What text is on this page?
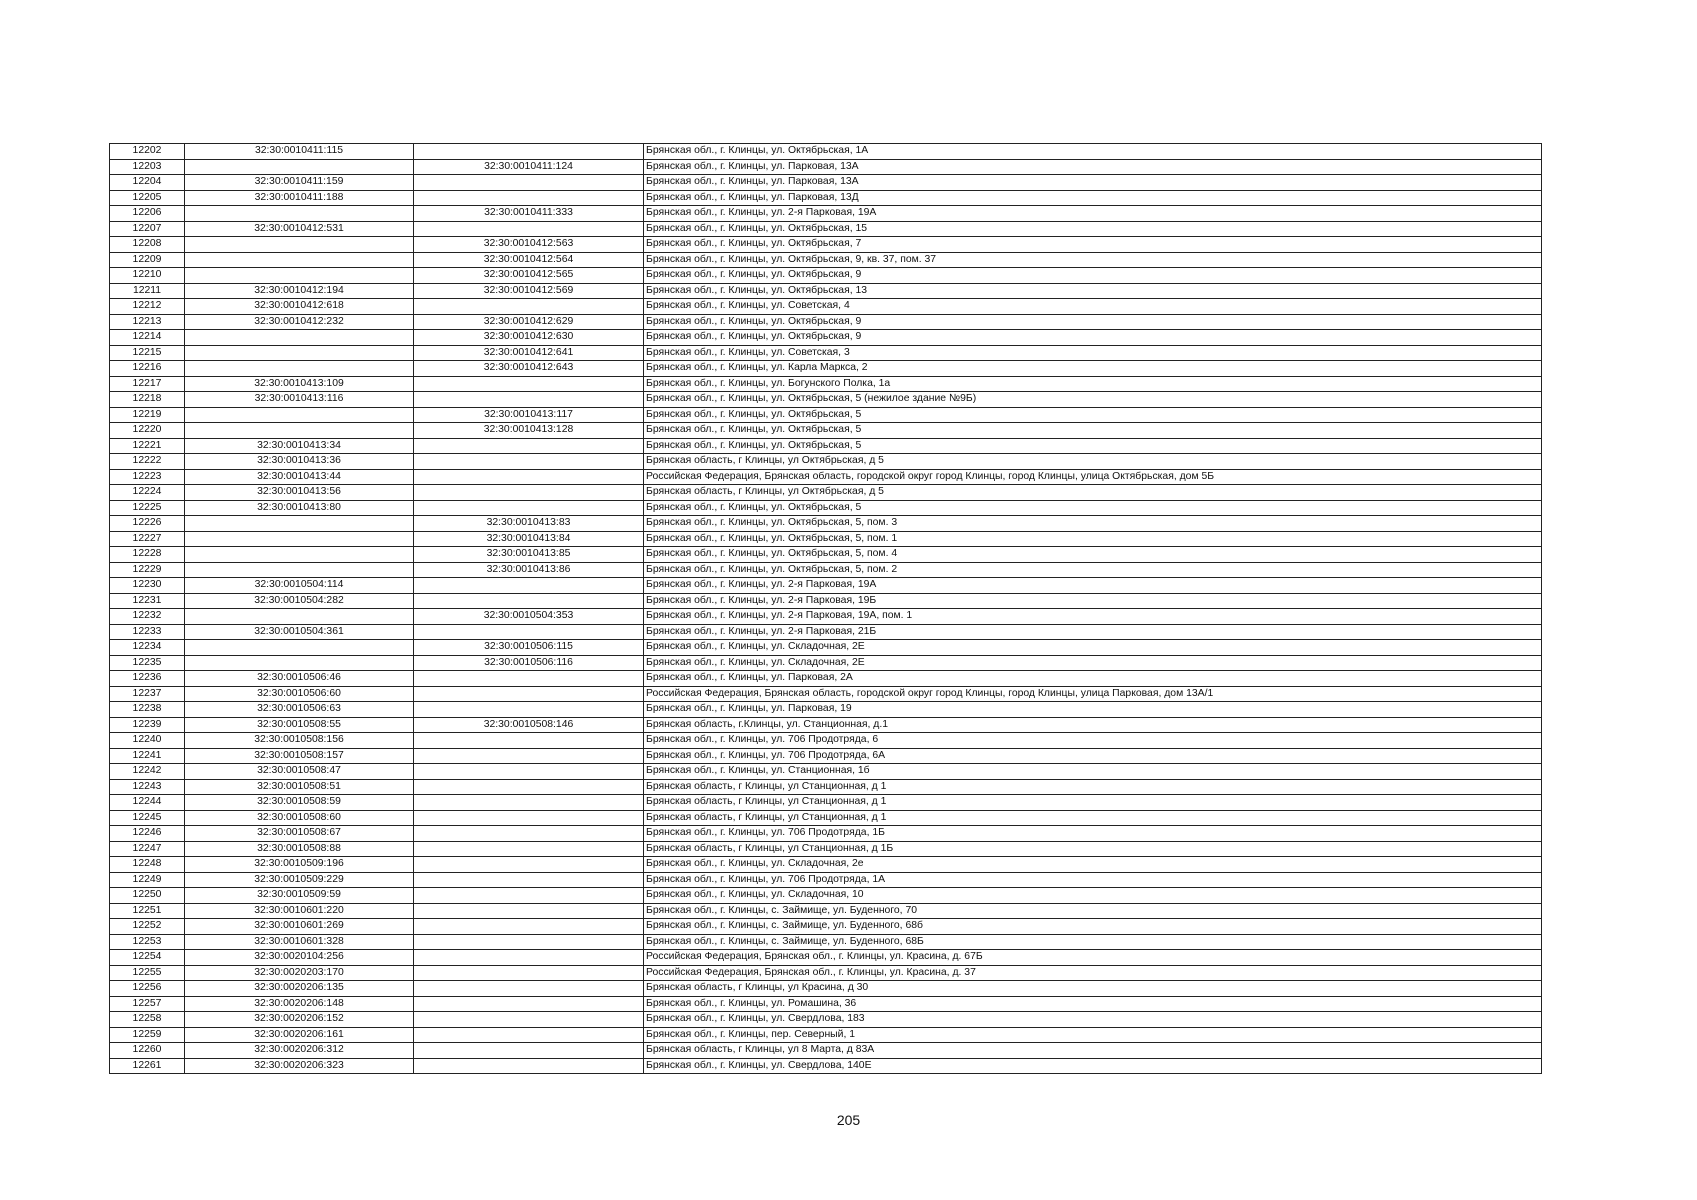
12202	32:30:0010411:115		Брянская обл., г. Клинцы, ул. Октябрьская, 1А
12203		32:30:0010411:124	Брянская обл., г. Клинцы, ул. Парковая, 13А
12204	32:30:0010411:159		Брянская обл., г. Клинцы, ул. Парковая, 13А
12205	32:30:0010411:188		Брянская обл., г. Клинцы, ул. Парковая, 13Д
12206		32:30:0010411:333	Брянская обл., г. Клинцы, ул. 2-я Парковая, 19А
12207	32:30:0010412:531		Брянская обл., г. Клинцы, ул. Октябрьская, 15
12208		32:30:0010412:563	Брянская обл., г. Клинцы, ул. Октябрьская, 7
12209		32:30:0010412:564	Брянская обл., г. Клинцы, ул. Октябрьская, 9, кв. 37, пом. 37
12210		32:30:0010412:565	Брянская обл., г. Клинцы, ул. Октябрьская, 9
12211	32:30:0010412:194	32:30:0010412:569	Брянская обл., г. Клинцы, ул. Октябрьская, 13
12212	32:30:0010412:618		Брянская обл., г. Клинцы, ул. Советская, 4
12213	32:30:0010412:232	32:30:0010412:629	Брянская обл., г. Клинцы, ул. Октябрьская, 9
12214		32:30:0010412:630	Брянская обл., г. Клинцы, ул. Октябрьская, 9
12215		32:30:0010412:641	Брянская обл., г. Клинцы, ул. Советская, 3
12216		32:30:0010412:643	Брянская обл., г. Клинцы, ул. Карла Маркса, 2
12217	32:30:0010413:109		Брянская обл., г. Клинцы, ул. Богунского Полка, 1а
12218	32:30:0010413:116		Брянская обл., г. Клинцы, ул. Октябрьская, 5 (нежилое здание №9Б)
12219		32:30:0010413:117	Брянская обл., г. Клинцы, ул. Октябрьская, 5
12220		32:30:0010413:128	Брянская обл., г. Клинцы, ул. Октябрьская, 5
12221	32:30:0010413:34		Брянская обл., г. Клинцы, ул. Октябрьская, 5
12222	32:30:0010413:36		Брянская область, г Клинцы, ул Октябрьская, д 5
12223	32:30:0010413:44		Российская Федерация, Брянская область, городской округ город Клинцы, город Клинцы, улица Октябрьская, дом 5Б
12224	32:30:0010413:56		Брянская область, г Клинцы, ул Октябрьская, д 5
12225	32:30:0010413:80		Брянская обл., г. Клинцы, ул. Октябрьская, 5
12226		32:30:0010413:83	Брянская обл., г. Клинцы, ул. Октябрьская, 5, пом. 3
12227		32:30:0010413:84	Брянская обл., г. Клинцы, ул. Октябрьская, 5, пом. 1
12228		32:30:0010413:85	Брянская обл., г. Клинцы, ул. Октябрьская, 5, пом. 4
12229		32:30:0010413:86	Брянская обл., г. Клинцы, ул. Октябрьская, 5, пом. 2
12230	32:30:0010504:114		Брянская обл., г. Клинцы, ул. 2-я Парковая, 19А
12231	32:30:0010504:282		Брянская обл., г. Клинцы, ул. 2-я Парковая, 19Б
12232		32:30:0010504:353	Брянская обл., г. Клинцы, ул. 2-я Парковая, 19А, пом. 1
12233	32:30:0010504:361		Брянская обл., г. Клинцы, ул. 2-я Парковая, 21Б
12234		32:30:0010506:115	Брянская обл., г. Клинцы, ул. Складочная, 2Е
12235		32:30:0010506:116	Брянская обл., г. Клинцы, ул. Складочная, 2Е
12236	32:30:0010506:46		Брянская обл., г. Клинцы, ул. Парковая, 2А
12237	32:30:0010506:60		Российская Федерация, Брянская область, городской округ город Клинцы, город Клинцы, улица Парковая, дом 13А/1
12238	32:30:0010506:63		Брянская обл., г. Клинцы, ул. Парковая, 19
12239	32:30:0010508:55	32:30:0010508:146	Брянская область, г.Клинцы, ул. Станционная, д.1
12240	32:30:0010508:156		Брянская обл., г. Клинцы, ул. 706 Продотряда, 6
12241	32:30:0010508:157		Брянская обл., г. Клинцы, ул. 706 Продотряда, 6А
12242	32:30:0010508:47		Брянская обл., г. Клинцы, ул. Станционная, 1б
12243	32:30:0010508:51		Брянская область, г Клинцы, ул Станционная, д 1
12244	32:30:0010508:59		Брянская область, г Клинцы, ул Станционная, д 1
12245	32:30:0010508:60		Брянская область, г Клинцы, ул Станционная, д 1
12246	32:30:0010508:67		Брянская обл., г. Клинцы, ул. 706 Продотряда, 1Б
12247	32:30:0010508:88		Брянская область, г Клинцы, ул Станционная, д 1Б
12248	32:30:0010509:196		Брянская обл., г. Клинцы, ул. Складочная, 2е
12249	32:30:0010509:229		Брянская обл., г. Клинцы, ул. 706 Продотряда, 1А
12250	32:30:0010509:59		Брянская обл., г. Клинцы, ул. Складочная, 10
12251	32:30:0010601:220		Брянская обл., г. Клинцы, с. Займище, ул. Буденного, 70
12252	32:30:0010601:269		Брянская обл., г. Клинцы, с. Займище, ул. Буденного, 68б
12253	32:30:0010601:328		Брянская обл., г. Клинцы, с. Займище, ул. Буденного, 68Б
12254	32:30:0020104:256		Российская Федерация, Брянская обл., г. Клинцы, ул. Красина, д. 67Б
12255	32:30:0020203:170		Российская Федерация, Брянская обл., г. Клинцы, ул. Красина, д. 37
12256	32:30:0020206:135		Брянская область, г Клинцы, ул Красина, д 30
12257	32:30:0020206:148		Брянская обл., г. Клинцы, ул. Ромашина, 36
12258	32:30:0020206:152		Брянская обл., г. Клинцы, ул. Свердлова, 183
12259	32:30:0020206:161		Брянская обл., г. Клинцы, пер. Северный, 1
12260	32:30:0020206:312		Брянская область, г Клинцы, ул 8 Марта, д 83А
12261	32:30:0020206:323		Брянская обл., г. Клинцы, ул. Свердлова, 140Е
205
